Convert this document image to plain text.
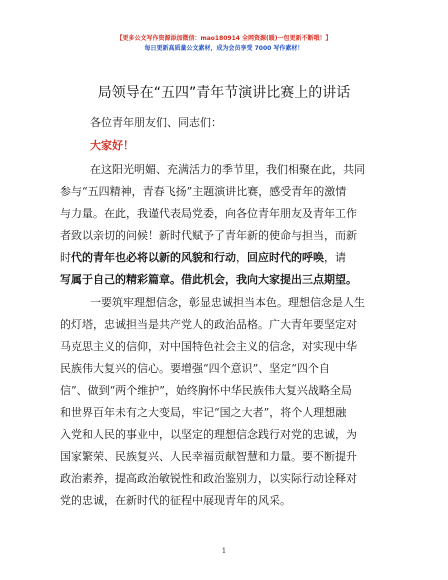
【更多公文写作资源添加微信：mao180914 全网资源(暖)一包更新不断哦！】
每日更新高质量公文素材，成为会员享受 7000 写作素材！
局领导在“五四”青年节演讲比赛上的讲话
各位青年朋友们、同志们：
大家好！
在这阳光明媚、充满活力的季节里，我们相聚在此，共同
参与“五四精神，青春飞扬”主题演讲比赛，感受青年的激情
与力量。在此，我谨代表局党委，向各位青年朋友及青年工作
者致以亲切的问候！新时代赋予了青年新的使命与担当，而新
时代的青年也必将以新的风貌和行动，回应时代的呼唤，请
写属于自己的精彩篇章。借此机会，我向大家提出三点期望。
一要筑牢理想信念，彰显忠诚担当本色。理想信念是人生
的灯塔，忠诚担当是共产党人的政治品格。广大青年要坚定对
马克思主义的信仰，对中国特色社会主义的信念，对实现中华
民族伟大复兴的信心。要增强“四个意识”、坚定“四个自
信”、做到“两个维护”，始终胸怀中华民族伟大复兴战略全局
和世界百年未有之大变局，牢记“国之大者”，将个人理想融
入党和人民的事业中，以坚定的理想信念践行对党的忠诚，为
国家繁荣、民族复兴、人民幸福贡献智慧和力量。要不断提升
政治素养，提高政治敏锐性和政治鉴别力，以实际行动诠释对
党的忠诚，在新时代的征程中展现青年的风采。
1
